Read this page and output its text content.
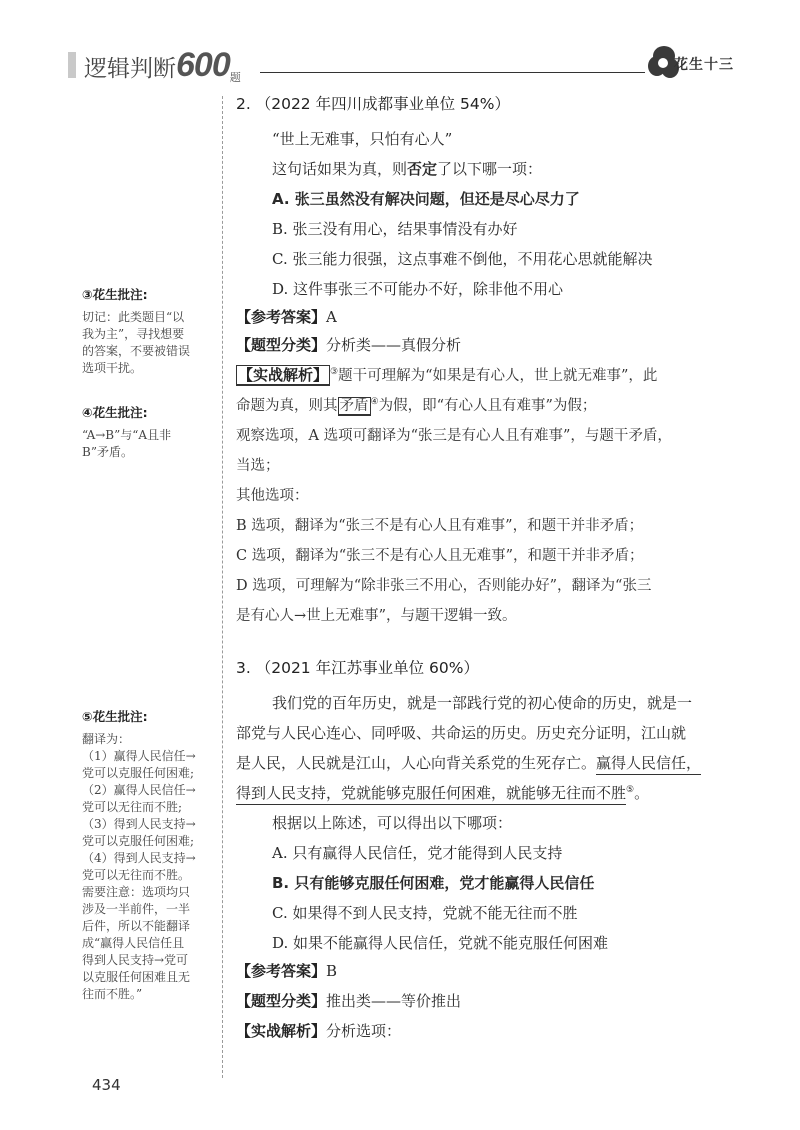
逻辑判断600题
花生十三
③花生批注:
切记：此类题目“以
我为主”，寻找想要
的答案，不要被错误
选项干扰。
④花生批注:
“A→B”与“A且非
B”矛盾。
⑤花生批注:
翻译为：
（1）赢得人民信任→
党可以克服任何困难;
（2）赢得人民信任→
党可以无往而不胜;
（3）得到人民支持→
党可以克服任何困难;
（4）得到人民支持→
党可以无往而不胜。
需要注意：选项均只
涉及一半前件，一半
后件，所以不能翻译
成“赢得人民信任且
得到人民支持→党可
以克服任何困难且无
往而不胜。”
2. （2022 年四川成都事业单位 54%）
“世上无难事，只怕有心人”
这句话如果为真，则否定了以下哪一项：
A. 张三虽然没有解决问题，但还是尽心尽力了
B. 张三没有用心，结果事情没有办好
C. 张三能力很强，这点事难不倒他，不用花心思就能解决
D. 这件事张三不可能办不好，除非他不用心
【参考答案】A
【题型分类】分析类——真假分析
【实战解析】 ③题干可理解为“如果是有心人，世上就无难事”，此
命题为真，则其 矛盾 ④为假，即“有心人且有难事”为假；
观察选项，A 选项可翻译为“张三是有心人且有难事”，与题干矛盾，
当选；
其他选项：
B 选项，翻译为“张三不是有心人且有难事”，和题干并非矛盾；
C 选项，翻译为“张三不是有心人且无难事”，和题干并非矛盾；
D 选项，可理解为“除非张三不用心，否则能办好”，翻译为“张三
是有心人→世上无难事”，与题干逻辑一致。
3. （2021 年江苏事业单位 60%）
我们党的百年历史，就是一部践行党的初心使命的历史，就是一
部党与人民心连心、同呼吸、共命运的历史。历史充分证明，江山就
是人民，人民就是江山，人心向背关系党的生死存亡。赢得人民信任，
得到人民支持，党就能够克服任何困难，就能够无往而不胜⑤。
根据以上陈述，可以得出以下哪项：
A. 只有赢得人民信任，党才能得到人民支持
B. 只有能够克服任何困难，党才能赢得人民信任
C. 如果得不到人民支持，党就不能无往而不胜
D. 如果不能赢得人民信任，党就不能克服任何困难
【参考答案】B
【题型分类】推出类——等价推出
【实战解析】分析选项：
434
